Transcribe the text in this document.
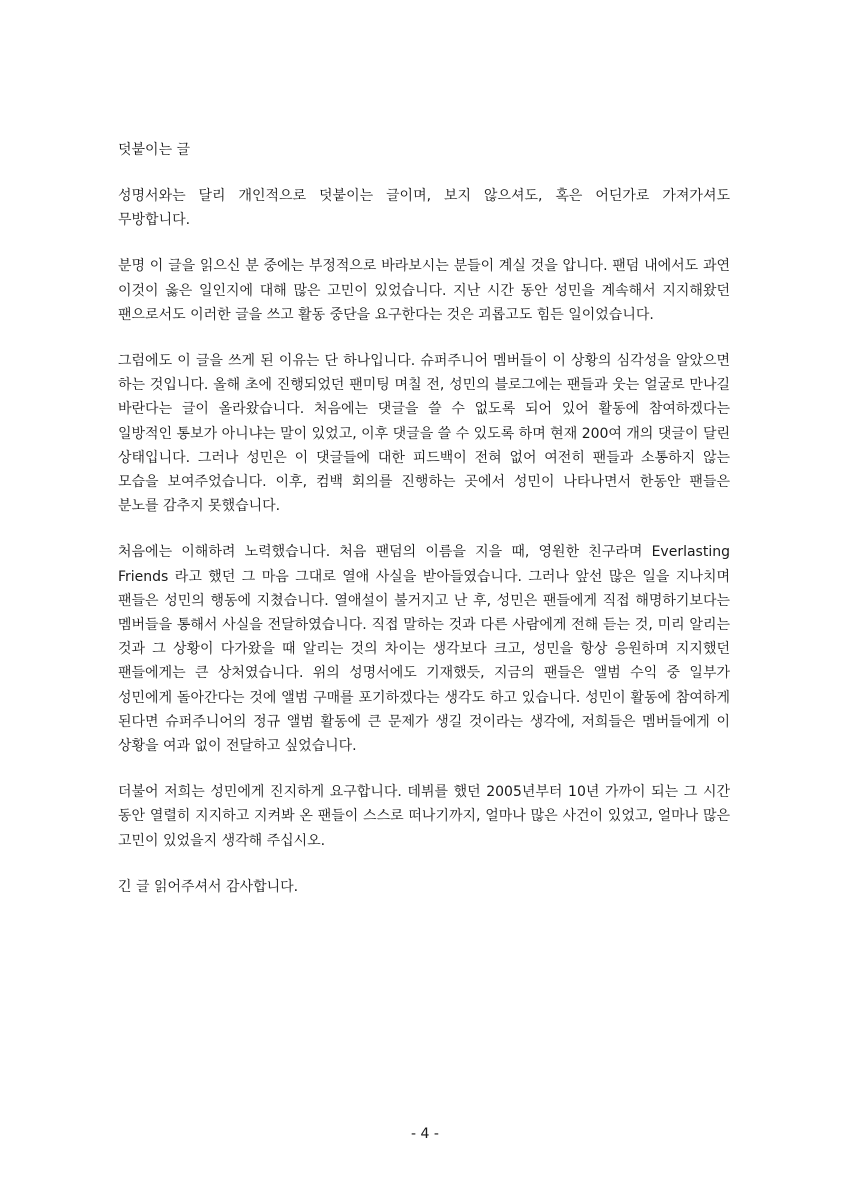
덧붙이는 글

성명서와는 달리 개인적으로 덧붙이는 글이며, 보지 않으셔도, 혹은 어딘가로 가져가셔도 무방합니다.

분명 이 글을 읽으신 분 중에는 부정적으로 바라보시는 분들이 계실 것을 압니다. 팬덤 내에서도 과연 이것이 옳은 일인지에 대해 많은 고민이 있었습니다. 지난 시간 동안 성민을 계속해서 지지해왔던 팬으로서도 이러한 글을 쓰고 활동 중단을 요구한다는 것은 괴롭고도 힘든 일이었습니다.

그럼에도 이 글을 쓰게 된 이유는 단 하나입니다. 슈퍼주니어 멤버들이 이 상황의 심각성을 알았으면 하는 것입니다. 올해 초에 진행되었던 팬미팅 며칠 전, 성민의 블로그에는 팬들과 웃는 얼굴로 만나길 바란다는 글이 올라왔습니다. 처음에는 댓글을 쓸 수 없도록 되어 있어 활동에 참여하겠다는 일방적인 통보가 아니냐는 말이 있었고, 이후 댓글을 쓸 수 있도록 하며 현재 200여 개의 댓글이 달린 상태입니다. 그러나 성민은 이 댓글들에 대한 피드백이 전혀 없어 여전히 팬들과 소통하지 않는 모습을 보여주었습니다. 이후, 컴백 회의를 진행하는 곳에서 성민이 나타나면서 한동안 팬들은 분노를 감추지 못했습니다.

처음에는 이해하려 노력했습니다. 처음 팬덤의 이름을 지을 때, 영원한 친구라며 Everlasting Friends 라고 했던 그 마음 그대로 열애 사실을 받아들였습니다. 그러나 앞선 많은 일을 지나치며 팬들은 성민의 행동에 지쳤습니다. 열애설이 불거지고 난 후, 성민은 팬들에게 직접 해명하기보다는 멤버들을 통해서 사실을 전달하였습니다. 직접 말하는 것과 다른 사람에게 전해 듣는 것, 미리 알리는 것과 그 상황이 다가왔을 때 알리는 것의 차이는 생각보다 크고, 성민을 항상 응원하며 지지했던 팬들에게는 큰 상처였습니다. 위의 성명서에도 기재했듯, 지금의 팬들은 앨범 수익 중 일부가 성민에게 돌아간다는 것에 앨범 구매를 포기하겠다는 생각도 하고 있습니다. 성민이 활동에 참여하게 된다면 슈퍼주니어의 정규 앨범 활동에 큰 문제가 생길 것이라는 생각에, 저희들은 멤버들에게 이 상황을 여과 없이 전달하고 싶었습니다.

더불어 저희는 성민에게 진지하게 요구합니다. 데뷔를 했던 2005년부터 10년 가까이 되는 그 시간 동안 열렬히 지지하고 지켜봐 온 팬들이 스스로 떠나기까지, 얼마나 많은 사건이 있었고, 얼마나 많은 고민이 있었을지 생각해 주십시오.

긴 글 읽어주셔서 감사합니다.

- 4 -
